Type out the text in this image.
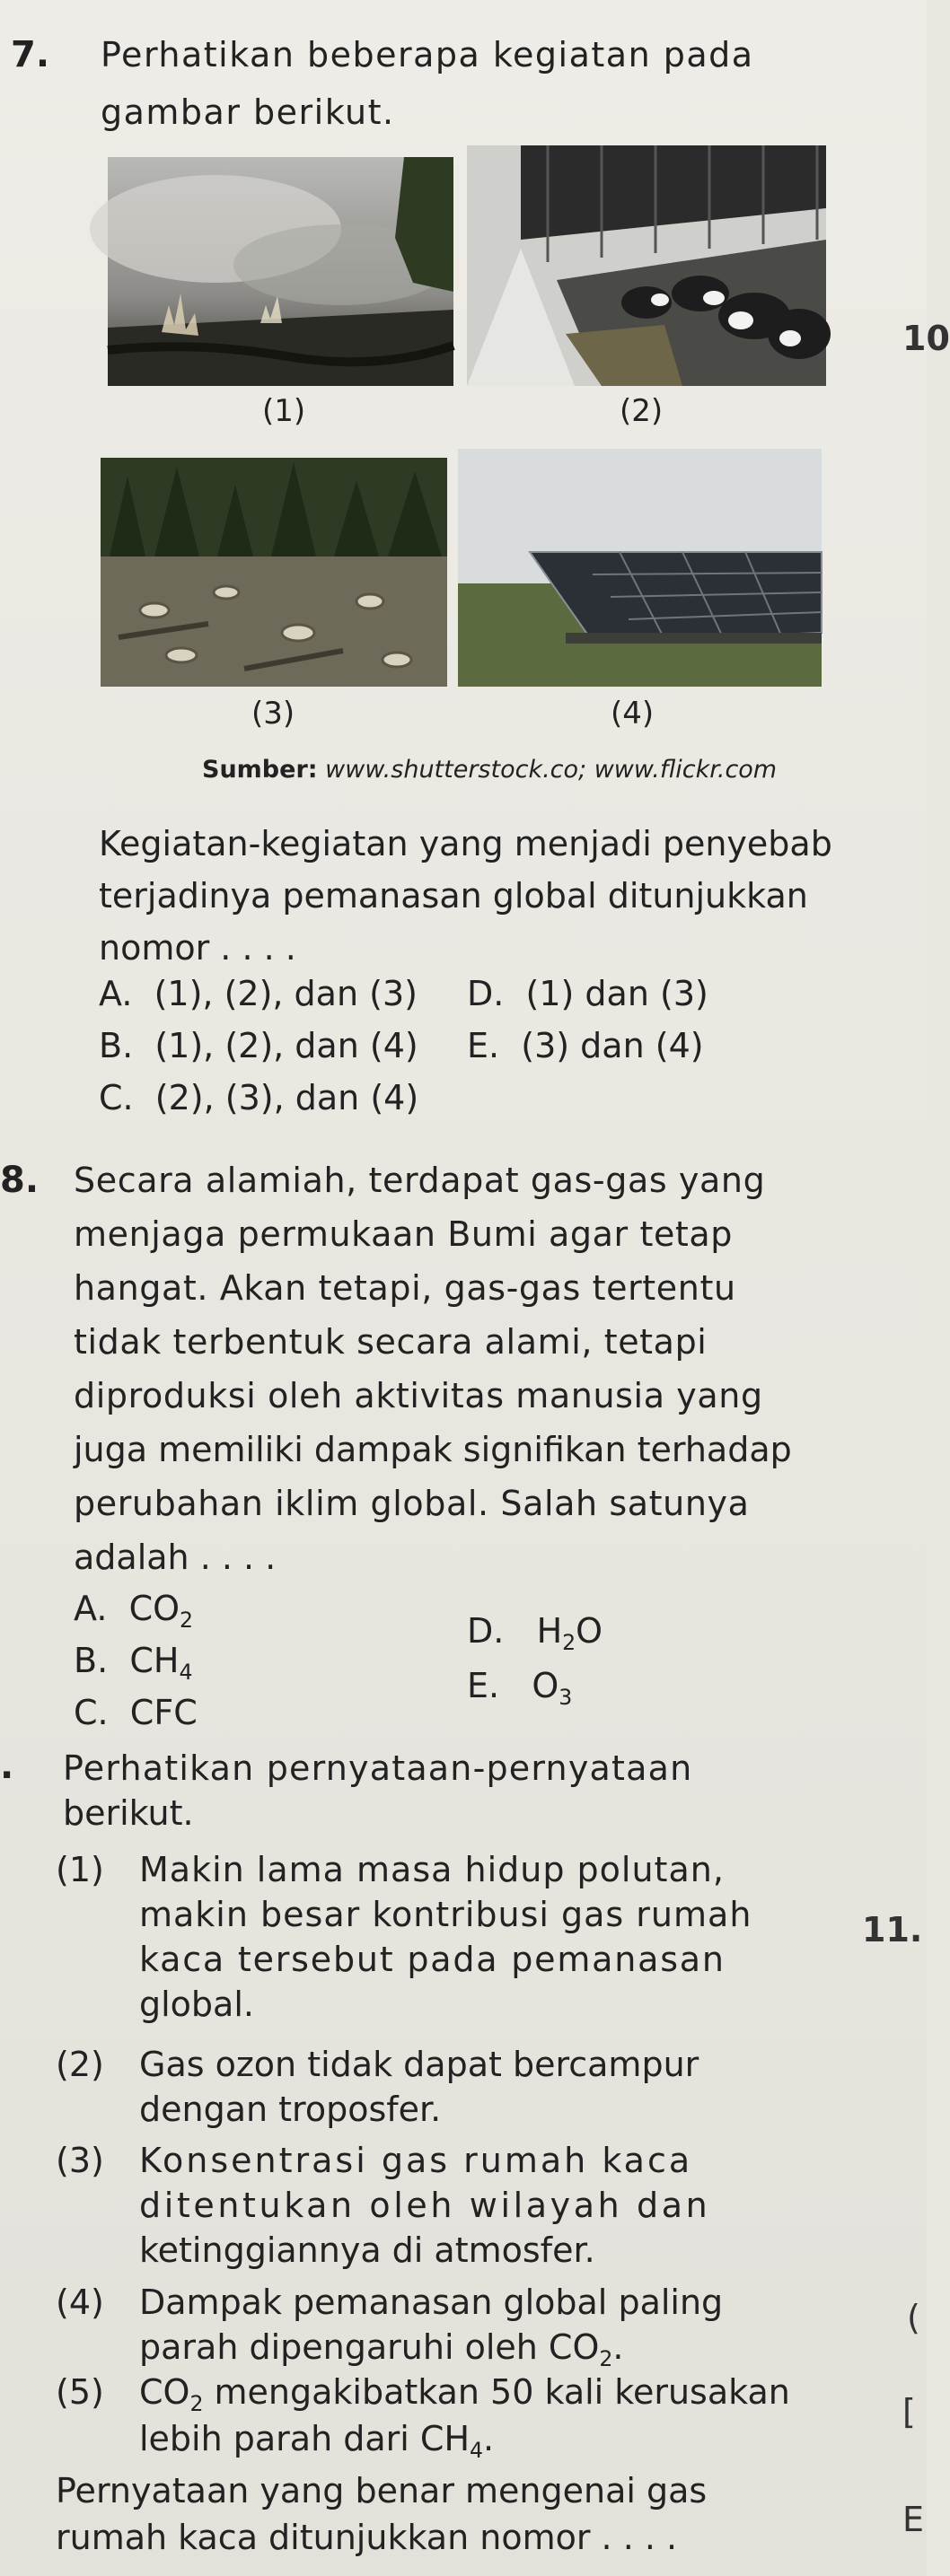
7. Perhatikan beberapa kegiatan pada
gambar berikut.
(1)	(2)
(3)	(4)
Sumber: www.shutterstock.co; www.flickr.com
Kegiatan-kegiatan yang menjadi penyebab
terjadinya pemanasan global ditunjukkan
nomor . . . .
A. (1), (2), dan (3)
B. (1), (2), dan (4)
C. (2), (3), dan (4)
D. (1) dan (3)
E. (3) dan (4)
8. Secara alamiah, terdapat gas-gas yang
menjaga permukaan Bumi agar tetap
hangat. Akan tetapi, gas-gas tertentu
tidak terbentuk secara alami, tetapi
diproduksi oleh aktivitas manusia yang
juga memiliki dampak signifikan terhadap
perubahan iklim global. Salah satunya
adalah . . . .
A. $CO_2$
B. $CH_4$
C. CFC
D. $H_2O$
E. $O_3$
. Perhatikan pernyataan-pernyataan
berikut.
(1) Makin lama masa hidup polutan,
makin besar kontribusi gas rumah
kaca tersebut pada pemanasan
global.
(2) Gas ozon tidak dapat bercampur
dengan troposfer.
(3) Konsentrasi gas rumah kaca
ditentukan oleh wilayah dan
ketinggiannya di atmosfer.
(4) Dampak pemanasan global paling
parah dipengaruhi oleh $CO_2$.
(5) $CO_2$ mengakibatkan 50 kali kerusakan
lebih parah dari $CH_4$.
Pernyataan yang benar mengenai gas
rumah kaca ditunjukkan nomor . . . .
10
11.
(
[
E
